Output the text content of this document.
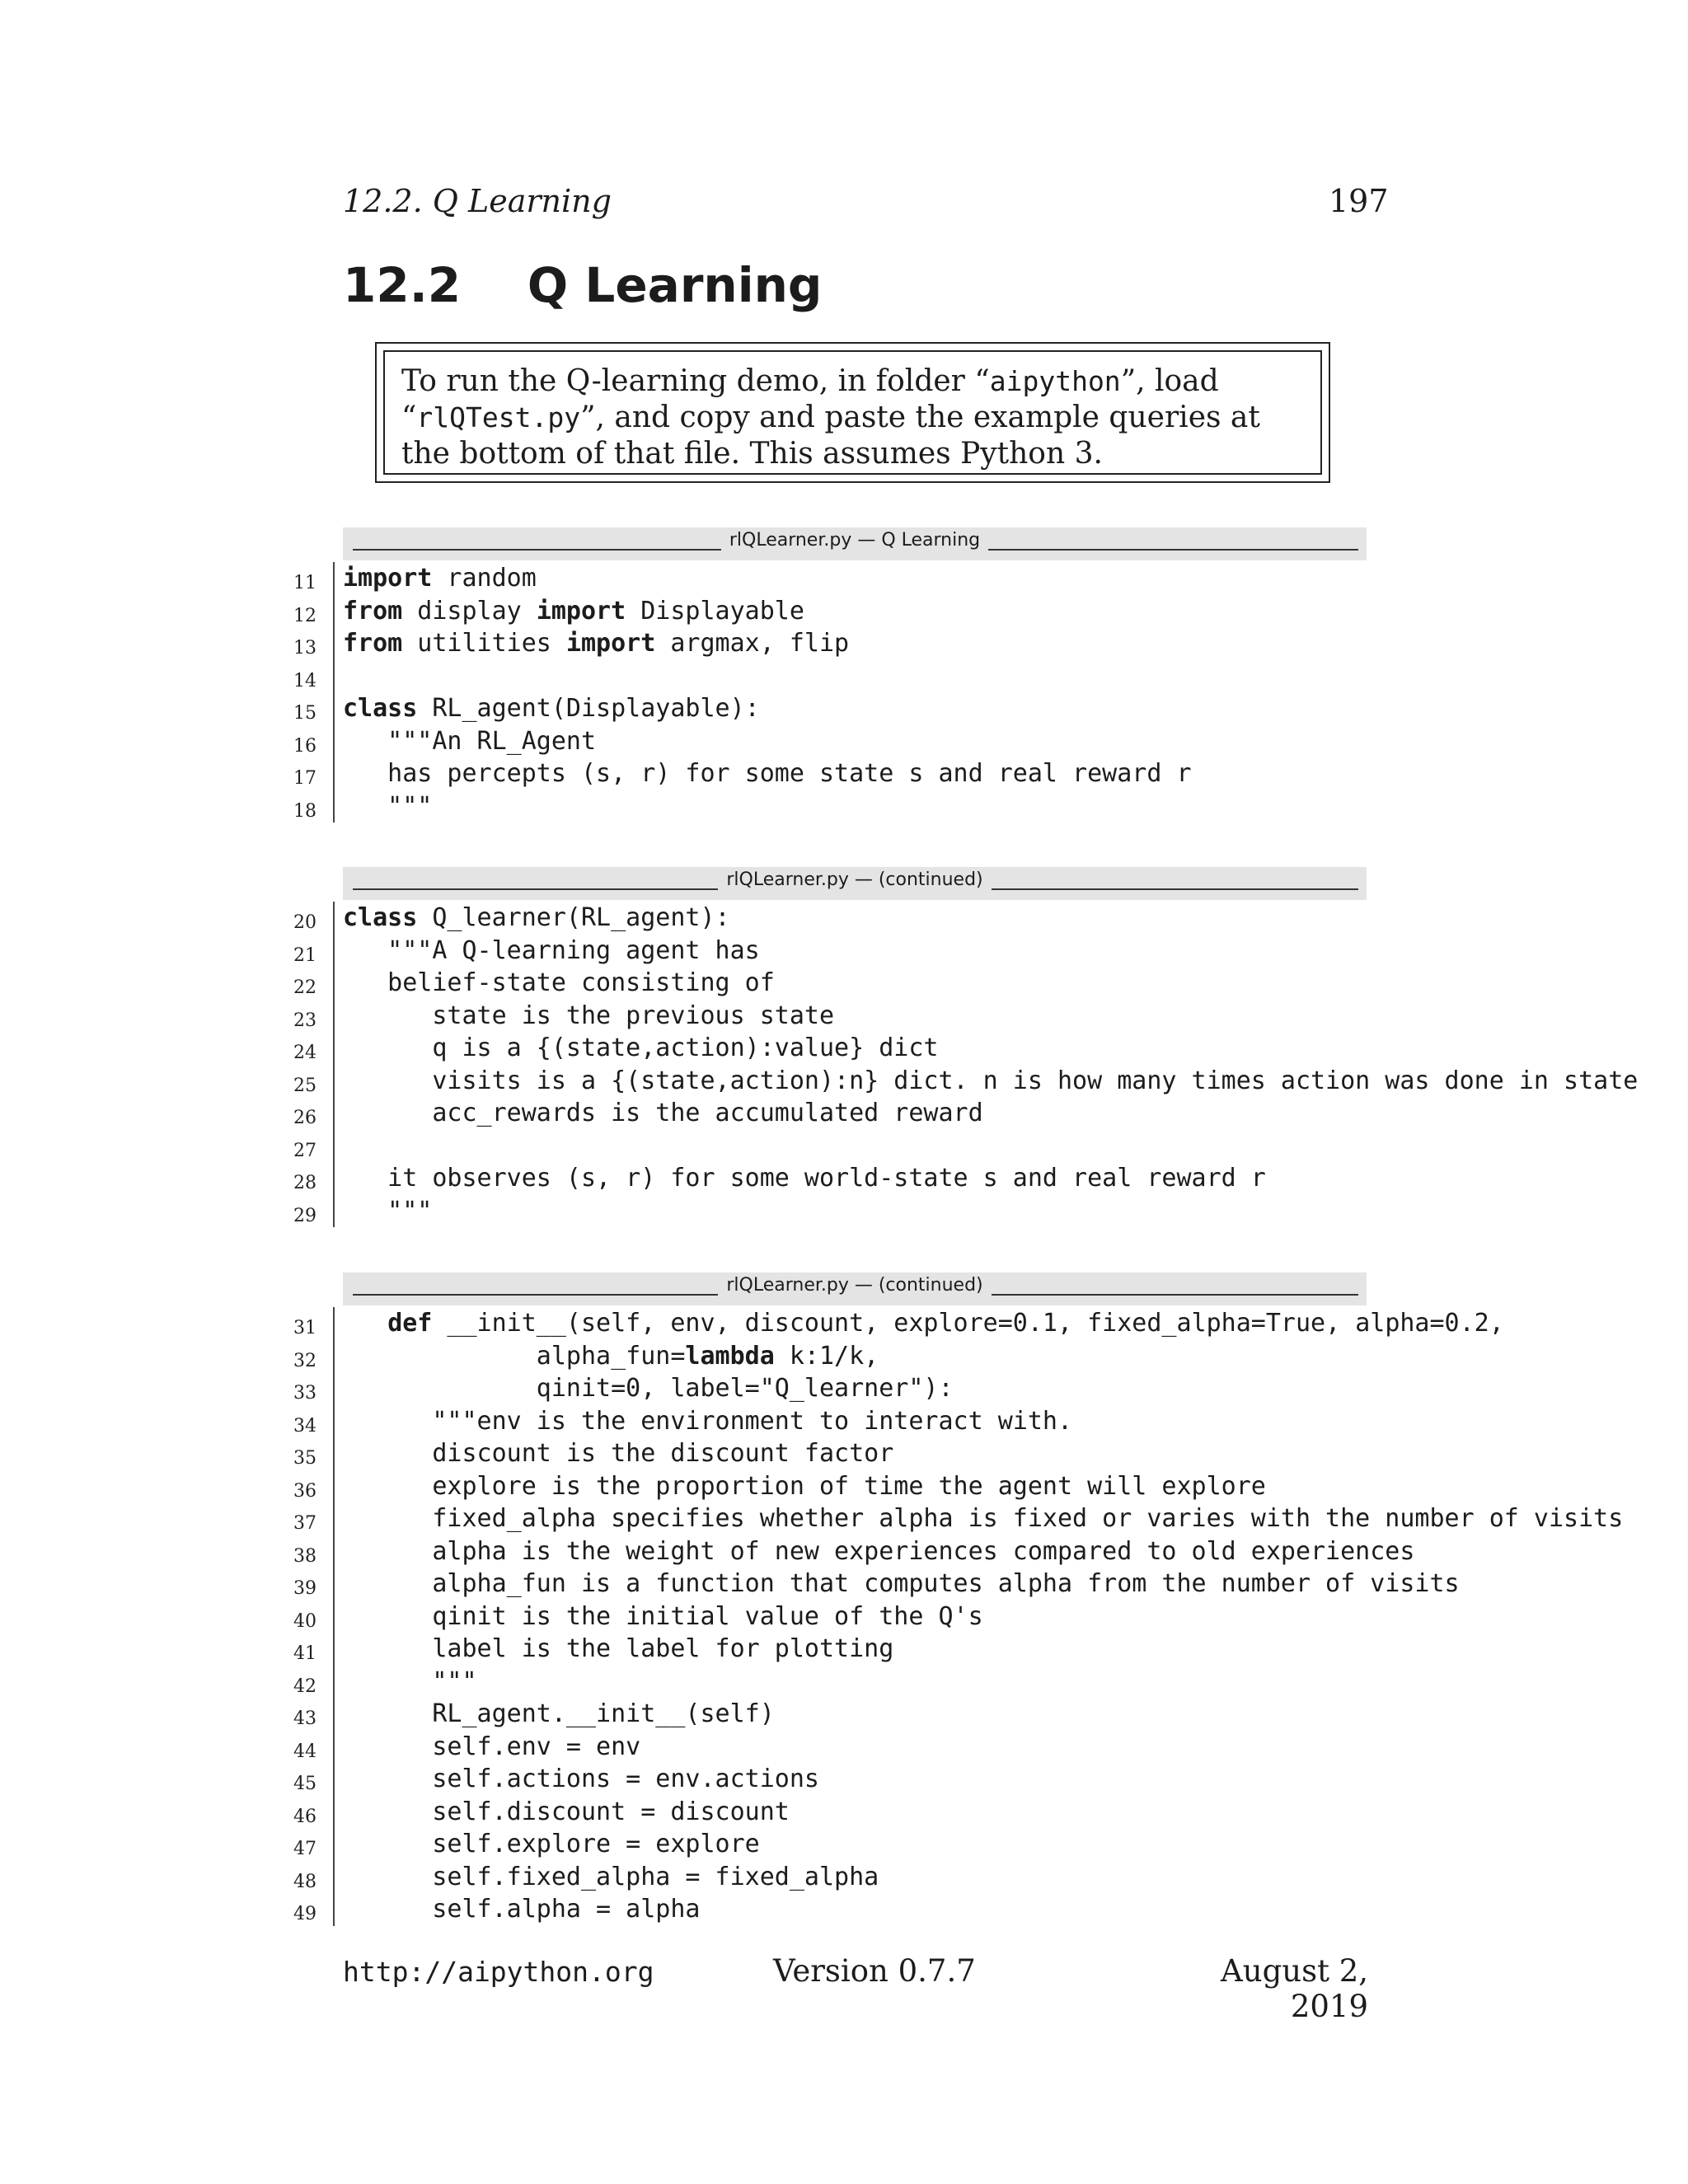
12.2. Q Learning	197
12.2 Q Learning
To run the Q-learning demo, in folder “aipython”, load “rlQTest.py”, and copy and paste the example queries at the bottom of that file. This assumes Python 3.
rlQLearner.py — Q Learning
11 import random
12 from display import Displayable
13 from utilities import argmax, flip
14
15 class RL_agent(Displayable):
16 """An RL_Agent
17 has percepts (s, r) for some state s and real reward r
18 """
rlQLearner.py — (continued)
20 class Q_learner(RL_agent):
21 """A Q-learning agent has
22 belief-state consisting of
23 state is the previous state
24 q is a {(state,action):value} dict
25 visits is a {(state,action):n} dict. n is how many times action was done in state
26 acc_rewards is the accumulated reward
27
28 it observes (s, r) for some world-state s and real reward r
29 """
rlQLearner.py — (continued)
31	def __init__(self, env, discount, explore=0.1, fixed_alpha=True, alpha=0.2,
32 alpha_fun=lambda k:1/k,
33 qinit=0, label="Q_learner"):
34 """env is the environment to interact with.
35 discount is the discount factor
36 explore is the proportion of time the agent will explore
37 fixed_alpha specifies whether alpha is fixed or varies with the number of visits
38 alpha is the weight of new experiences compared to old experiences
39 alpha_fun is a function that computes alpha from the number of visits
40 qinit is the initial value of the Q's
41 label is the label for plotting
42 """
43 RL_agent.__init__(self)
44 self.env = env
45 self.actions = env.actions
46 self.discount = discount
47 self.explore = explore
48 self.fixed_alpha = fixed_alpha
49 self.alpha = alpha
http://aipython.org	Version 0.7.7	August 2, 2019
